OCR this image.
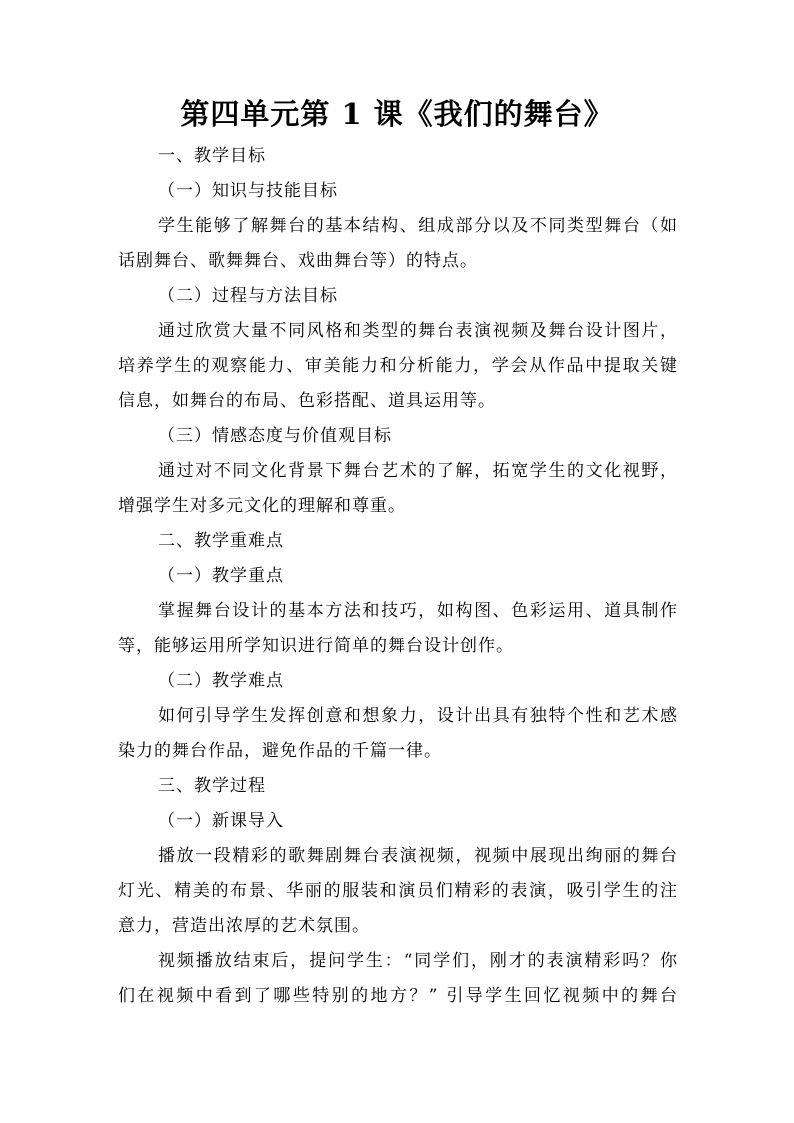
第四单元第 1 课《我们的舞台》
一、教学目标
（一）知识与技能目标
学生能够了解舞台的基本结构、组成部分以及不同类型舞台（如
话剧舞台、歌舞舞台、戏曲舞台等）的特点。
（二）过程与方法目标
通过欣赏大量不同风格和类型的舞台表演视频及舞台设计图片，
培养学生的观察能力、审美能力和分析能力，学会从作品中提取关键
信息，如舞台的布局、色彩搭配、道具运用等。
（三）情感态度与价值观目标
通过对不同文化背景下舞台艺术的了解，拓宽学生的文化视野，
增强学生对多元文化的理解和尊重。
二、教学重难点
（一）教学重点
掌握舞台设计的基本方法和技巧，如构图、色彩运用、道具制作
等，能够运用所学知识进行简单的舞台设计创作。
（二）教学难点
如何引导学生发挥创意和想象力，设计出具有独特个性和艺术感
染力的舞台作品，避免作品的千篇一律。
三、教学过程
（一）新课导入
播放一段精彩的歌舞剧舞台表演视频，视频中展现出绚丽的舞台
灯光、精美的布景、华丽的服装和演员们精彩的表演，吸引学生的注
意力，营造出浓厚的艺术氛围。
视频播放结束后，提问学生：“同学们，刚才的表演精彩吗？你
们在视频中看到了哪些特别的地方？” 引导学生回忆视频中的舞台
